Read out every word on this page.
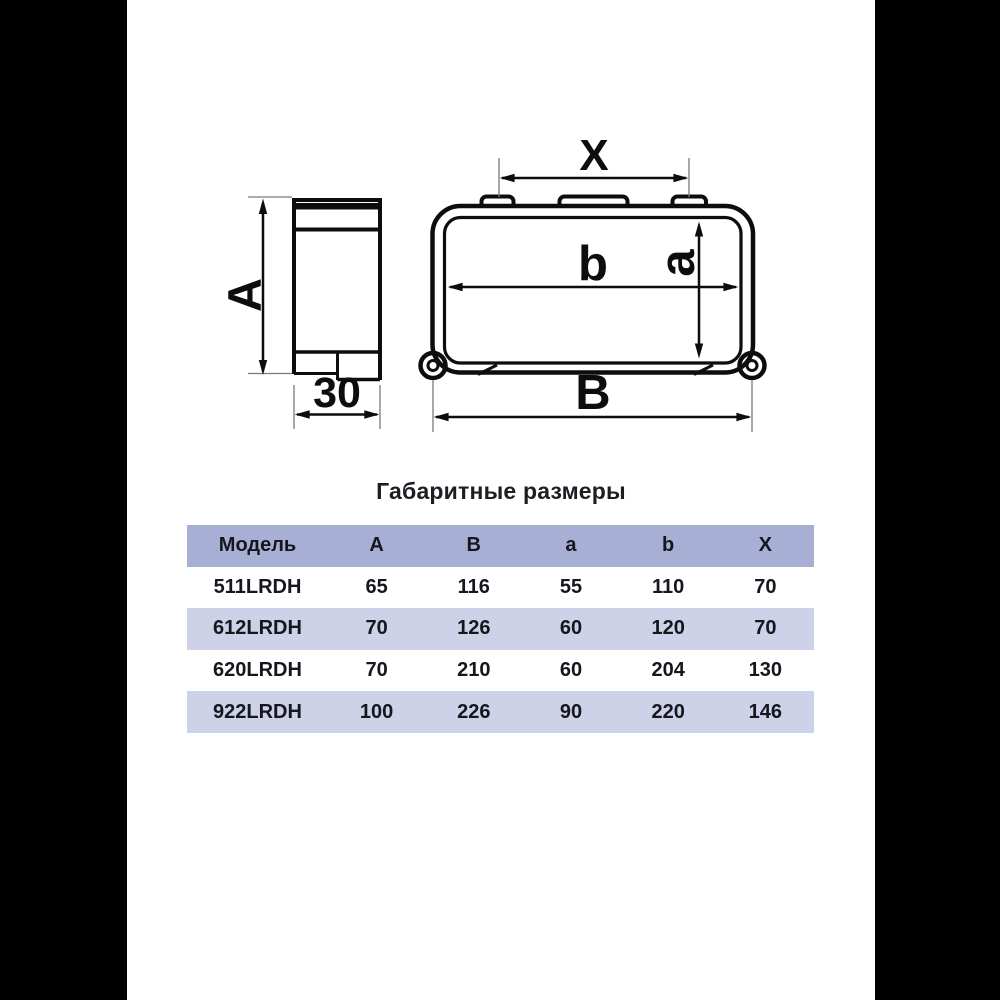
A
30
X
b a
B
Габаритные размеры
Модель	A	B	a	b	X
511LRDH	65	116	55	110	70
612LRDH	70	126	60	120	70
620LRDH	70	210	60	204	130
922LRDH	100	226	90	220	146
